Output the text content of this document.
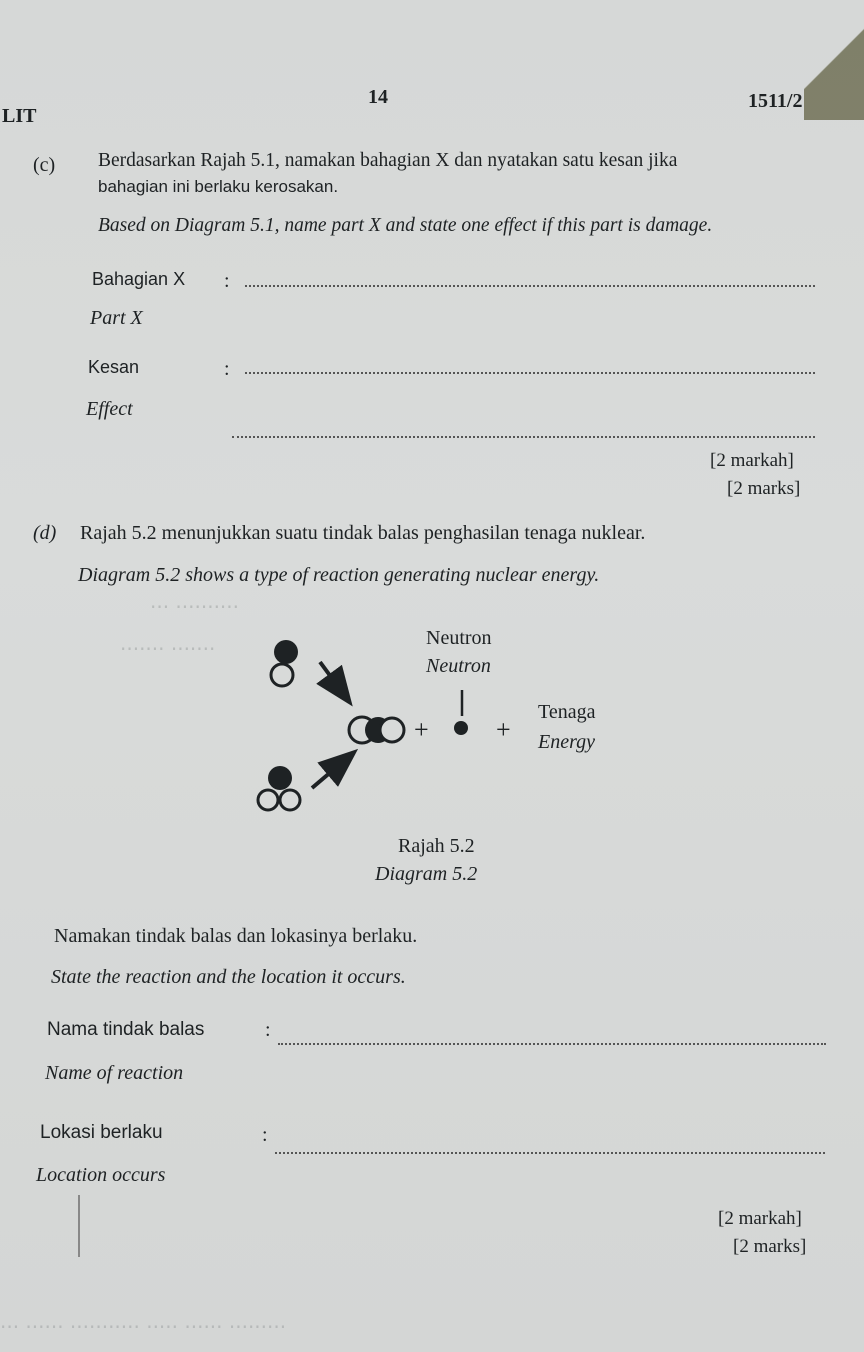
LIT
14	1511/2
(c) Berdasarkan Rajah 5.1, namakan bahagian X dan nyatakan satu kesan jika
bahagian ini berlaku kerosakan.
Based on Diagram 5.1, name part X and state one effect if this part is damage.
Bahagian X :
Part X
Kesan	:
Effect
[2 markah]
[2 marks]
(d) Rajah 5.2 menunjukkan suatu tindak balas penghasilan tenaga nuklear.
Diagram 5.2 shows a type of reaction generating nuclear energy.
··· ··········
······· ·······
··· ······ ··········· ····· ······ ·········
+	+
Neutron
Neutron
Tenaga
Energy
Rajah 5.2
Diagram 5.2
Namakan tindak balas dan lokasinya berlaku.
State the reaction and the location it occurs.
Nama tindak balas	:
Name of reaction
Lokasi berlaku	:
Location occurs
[2 markah]
[2 marks]
